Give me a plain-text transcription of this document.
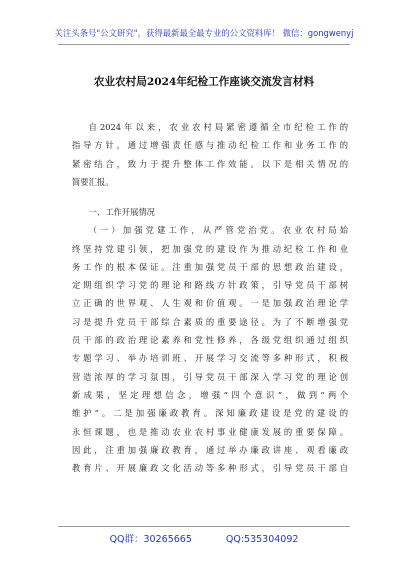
关注头条号"公文研究"，获得最新最全最专业的公文资料库！ 微信：gongwenyj
农业农村局2024年纪检工作座谈交流发言材料
自2024年以来，农业农村局紧密遵循全市纪检工作的
指导方针，通过增强责任感与推动纪检工作和业务工作的
紧密结合，致力于提升整体工作效能。以下是相关情况的
简要汇报。
一、工作开展情况
（一）加强党建工作，从严管党治党。农业农村局始
终坚持党建引领，把加强党的建设作为推动纪检工作和业
务工作的根本保证。注重加强党员干部的思想政治建设，
定期组织学习党的理论和路线方针政策，引导党员干部树
立正确的世界观、人生观和价值观。一是加强政治理论学
习是提升党员干部综合素质的重要途径。为了不断增强党
员干部的政治理论素养和党性修养，各级党组织通过组织
专题学习、举办培训班、开展学习交流等多种形式，积极
营造浓厚的学习氛围，引导党员干部深入学习党的理论创
新成果，坚定理想信念，增强“四个意识”，做到“两个
维护”。二是加强廉政教育。深知廉政建设是党的建设的
永恒课题，也是推动农业农村事业健康发展的重要保障。
因此，注重加强廉政教育，通过举办廉政讲座、观看廉政
教育片、开展廉政文化活动等多种形式，引导党员干部自
QQ群：30265665	QQ:535304092
